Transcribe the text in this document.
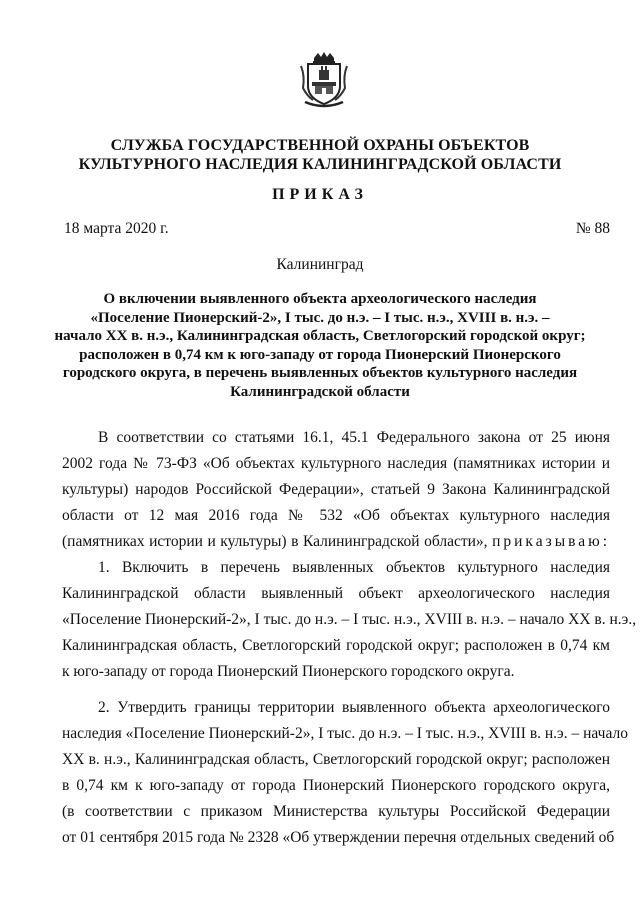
СЛУЖБА ГОСУДАРСТВЕННОЙ ОХРАНЫ ОБЪЕКТОВ
КУЛЬТУРНОГО НАСЛЕДИЯ КАЛИНИНГРАДСКОЙ ОБЛАСТИ
ПРИКАЗ
18 марта 2020 г.	№ 88
Калининград
О включении выявленного объекта археологического наследия
«Поселение Пионерский-2», I тыс. до н.э. – I тыс. н.э., XVIII в. н.э. –
начало XX в. н.э., Калининградская область, Светлогорский городской округ;
расположен в 0,74 км к юго-западу от города Пионерский Пионерского
городского округа, в перечень выявленных объектов культурного наследия
Калининградской области
В соответствии со статьями 16.1, 45.1 Федерального закона от 25 июня
2002 года № 73-ФЗ «Об объектах культурного наследия (памятниках истории и
культуры) народов Российской Федерации», статьей 9 Закона Калининградской
области от 12 мая 2016 года № 532 «Об объектах культурного наследия
(памятниках истории и культуры) в Калининградской области», приказываю:
1. Включить в перечень выявленных объектов культурного наследия
Калининградской области выявленный объект археологического наследия
«Поселение Пионерский-2», I тыс. до н.э. – I тыс. н.э., XVIII в. н.э. – начало XX в. н.э.,
Калининградская область, Светлогорский городской округ; расположен в 0,74 км
к юго-западу от города Пионерский Пионерского городского округа.
2. Утвердить границы территории выявленного объекта археологического
наследия «Поселение Пионерский-2», I тыс. до н.э. – I тыс. н.э., XVIII в. н.э. – начало
XX в. н.э., Калининградская область, Светлогорский городской округ; расположен
в 0,74 км к юго-западу от города Пионерский Пионерского городского округа,
(в соответствии с приказом Министерства культуры Российской Федерации
от 01 сентября 2015 года № 2328 «Об утверждении перечня отдельных сведений об
